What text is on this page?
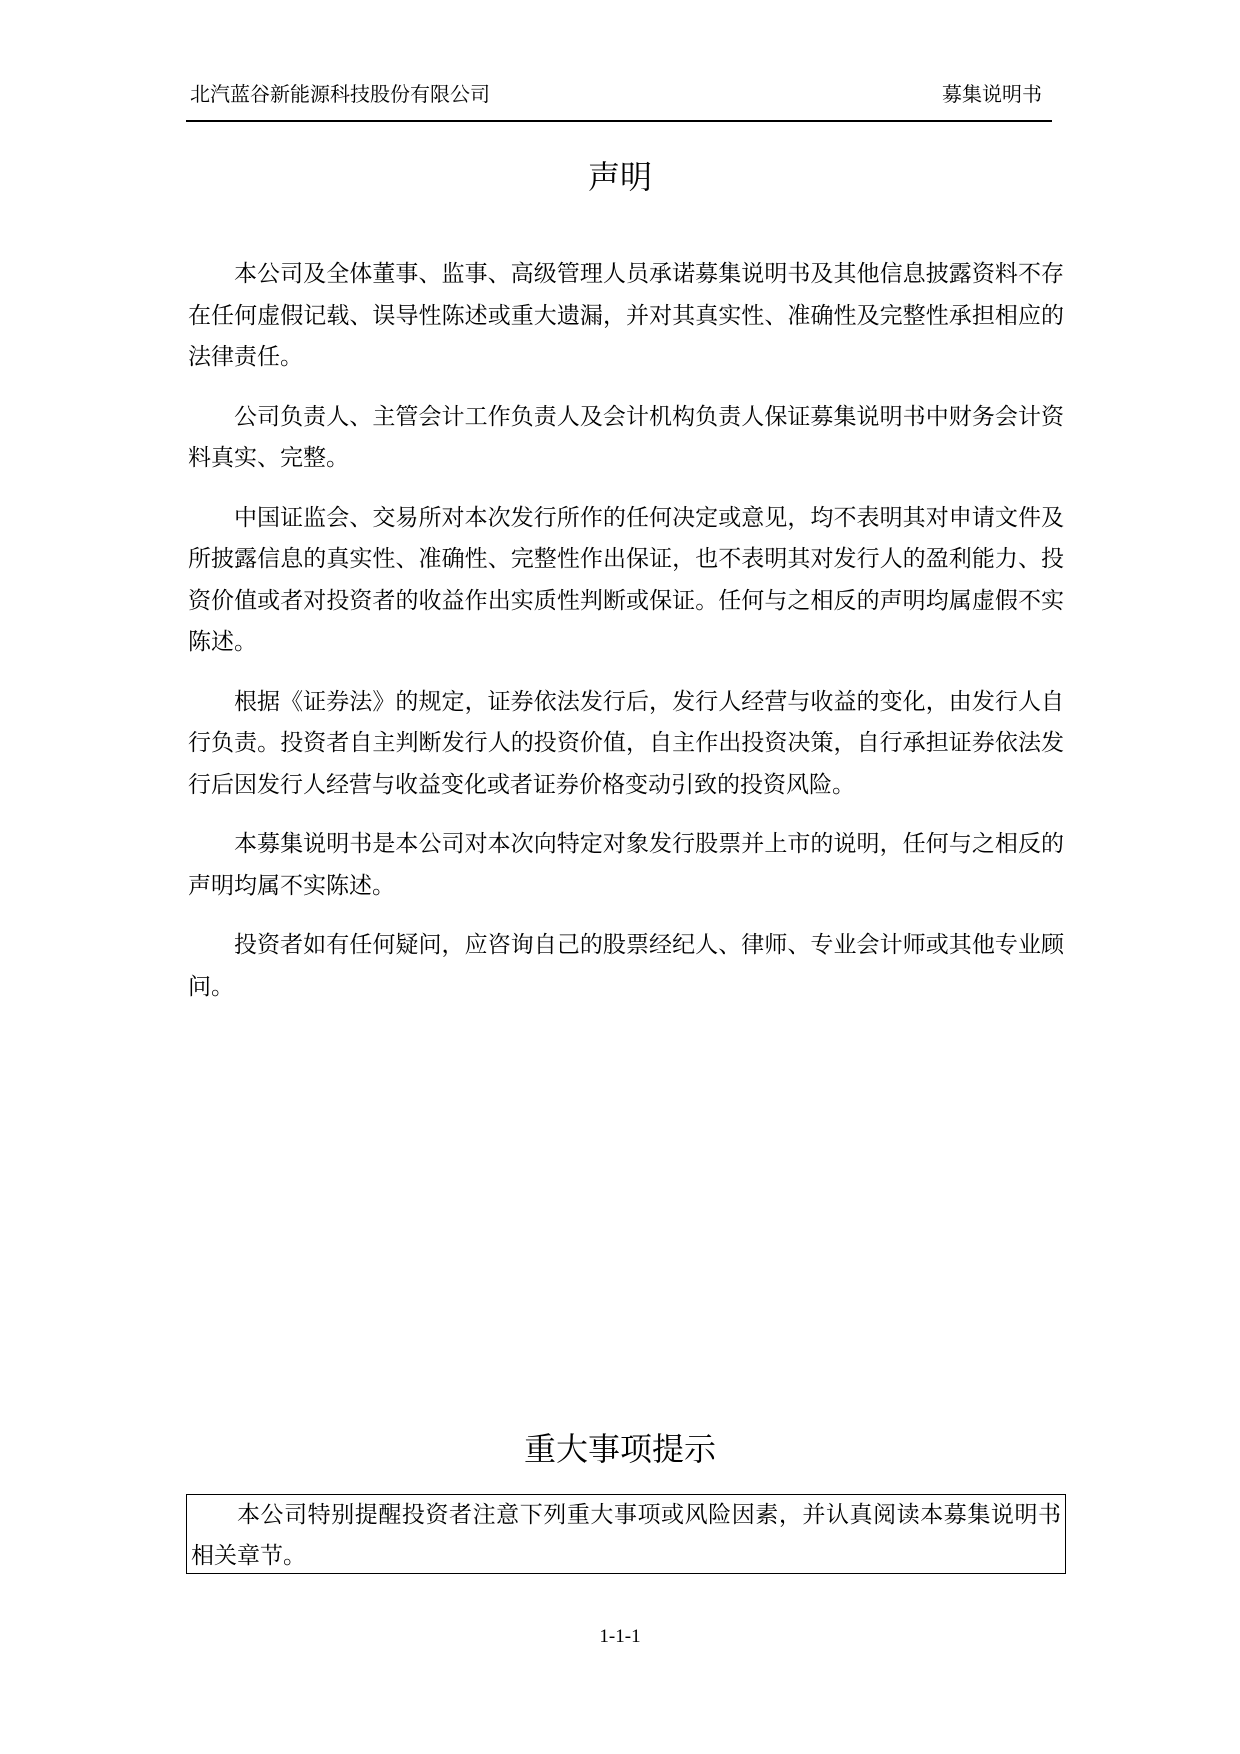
北汽蓝谷新能源科技股份有限公司	募集说明书
声明

本公司及全体董事、监事、高级管理人员承诺募集说明书及其他信息披露资料不存在任何虚假记载、误导性陈述或重大遗漏，并对其真实性、准确性及完整性承担相应的法律责任。

公司负责人、主管会计工作负责人及会计机构负责人保证募集说明书中财务会计资料真实、完整。

中国证监会、交易所对本次发行所作的任何决定或意见，均不表明其对申请文件及所披露信息的真实性、准确性、完整性作出保证，也不表明其对发行人的盈利能力、投资价值或者对投资者的收益作出实质性判断或保证。任何与之相反的声明均属虚假不实陈述。

根据《证券法》的规定，证券依法发行后，发行人经营与收益的变化，由发行人自行负责。投资者自主判断发行人的投资价值，自主作出投资决策，自行承担证券依法发行后因发行人经营与收益变化或者证券价格变动引致的投资风险。

本募集说明书是本公司对本次向特定对象发行股票并上市的说明，任何与之相反的声明均属不实陈述。

投资者如有任何疑问，应咨询自己的股票经纪人、律师、专业会计师或其他专业顾问。

重大事项提示

本公司特别提醒投资者注意下列重大事项或风险因素，并认真阅读本募集说明书相关章节。

1-1-1
